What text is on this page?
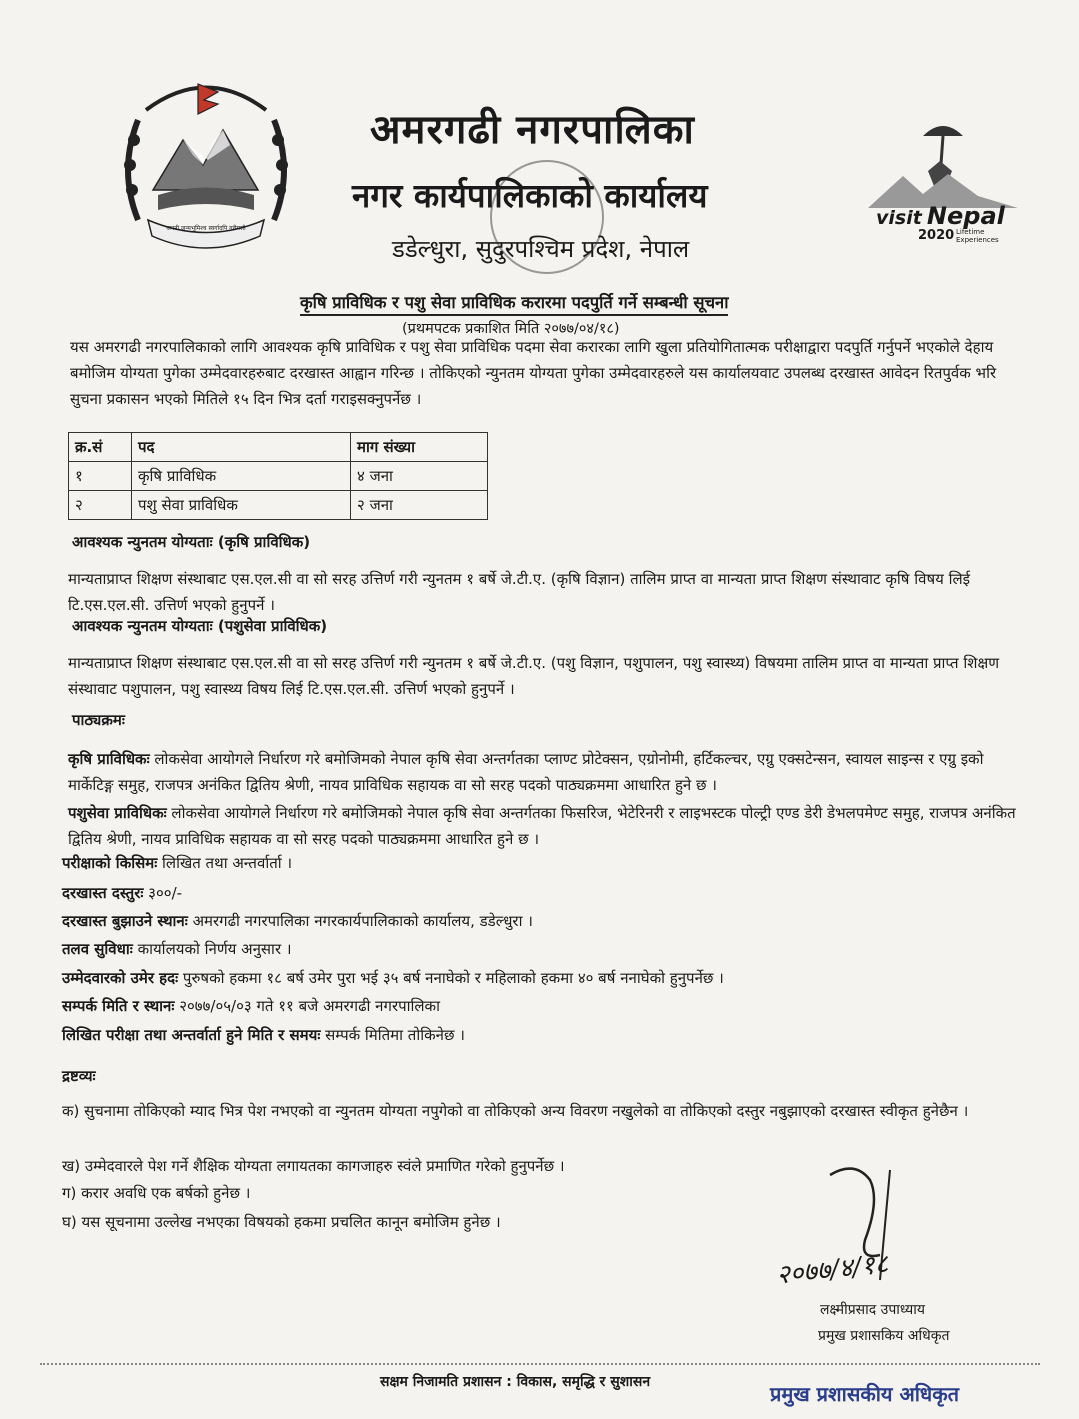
जननी जन्मभूमिश्च स्वर्गादपि गरीयसी
अमरगढी नगरपालिका
नगर कार्यपालिकाको कार्यालय
डडेल्धुरा, सुदुरपश्चिम प्रदेश, नेपाल
visit Nepal
2020 Lifetime Experiences
कृषि प्राविधिक र पशु सेवा प्राविधिक करारमा पदपुर्ति गर्ने सम्बन्धी सूचना
(प्रथमपटक प्रकाशित मिति २०७७/०४/१८)
यस अमरगढी नगरपालिकाको लागि आवश्यक कृषि प्राविधिक र पशु सेवा प्राविधिक पदमा सेवा करारका लागि खुला प्रतियोगितात्मक परीक्षाद्वारा पदपुर्ति गर्नुपर्ने भएकोले देहाय बमोजिम योग्यता पुगेका उम्मेदवारहरुबाट दरखास्त आह्वान गरिन्छ । तोकिएको न्युनतम योग्यता पुगेका उम्मेदवारहरुले यस कार्यालयवाट उपलब्ध दरखास्त आवेदन रितपुर्वक भरि सुचना प्रकासन भएको मितिले १५ दिन भित्र दर्ता गराइसक्नुपर्नेछ ।
क्र.सं	पद	माग संख्या
१	कृषि प्राविधिक	४ जना
२	पशु सेवा प्राविधिक	२ जना
आवश्यक न्युनतम योग्यताः (कृषि प्राविधिक)
मान्यताप्राप्त शिक्षण संस्थाबाट एस.एल.सी वा सो सरह उत्तिर्ण गरी न्युनतम १ बर्षे जे.टी.ए. (कृषि विज्ञान) तालिम प्राप्त वा मान्यता प्राप्त शिक्षण संस्थावाट कृषि विषय लिई टि.एस.एल.सी. उत्तिर्ण भएको हुनुपर्ने ।
आवश्यक न्युनतम योग्यताः (पशुसेवा प्राविधिक)
मान्यताप्राप्त शिक्षण संस्थाबाट एस.एल.सी वा सो सरह उत्तिर्ण गरी न्युनतम १ बर्षे जे.टी.ए. (पशु विज्ञान, पशुपालन, पशु स्वास्थ्य) विषयमा तालिम प्राप्त वा मान्यता प्राप्त शिक्षण संस्थावाट पशुपालन, पशु स्वास्थ्य विषय लिई टि.एस.एल.सी. उत्तिर्ण भएको हुनुपर्ने ।
पाठ्यक्रमः
कृषि प्राविधिकः लोकसेवा आयोगले निर्धारण गरे बमोजिमको नेपाल कृषि सेवा अन्तर्गतका प्लाण्ट प्रोटेक्सन, एग्रोनोमी, हर्टिकल्चर, एग्रु एक्सटेन्सन, स्वायल साइन्स र एग्रु इको मार्केटिङ्ग समुह, राजपत्र अनंकित द्वितिय श्रेणी, नायव प्राविधिक सहायक वा सो सरह पदको पाठ्यक्रममा आधारित हुने छ ।
पशुसेवा प्राविधिकः लोकसेवा आयोगले निर्धारण गरे बमोजिमको नेपाल कृषि सेवा अन्तर्गतका फिसरिज, भेटेरिनरी र लाइभस्टक पोल्ट्री एण्ड डेरी डेभलपमेण्ट समुह, राजपत्र अनंकित द्वितिय श्रेणी, नायव प्राविधिक सहायक वा सो सरह पदको पाठ्यक्रममा आधारित हुने छ ।
परीक्षाको किसिमः लिखित तथा अन्तर्वार्ता ।
दरखास्त दस्तुरः ३००/-
दरखास्त बुझाउने स्थानः अमरगढी नगरपालिका नगरकार्यपालिकाको कार्यालय, डडेल्धुरा ।
तलव सुविधाः कार्यालयको निर्णय अनुसार ।
उम्मेदवारको उमेर हदः पुरुषको हकमा १८ बर्ष उमेर पुरा भई ३५ बर्ष ननाघेको र महिलाको हकमा ४० बर्ष ननाघेको हुनुपर्नेछ ।
सम्पर्क मिति र स्थानः २०७७/०५/०३ गते ११ बजे अमरगढी नगरपालिका
लिखित परीक्षा तथा अन्तर्वार्ता हुने मिति र समयः सम्पर्क मितिमा तोकिनेछ ।
द्रष्टव्यः
क) सुचनामा तोकिएको म्याद भित्र पेश नभएको वा न्युनतम योग्यता नपुगेको वा तोकिएको अन्य विवरण नखुलेको वा तोकिएको दस्तुर नबुझाएको दरखास्त स्वीकृत हुनेछैन ।
ख) उम्मेदवारले पेश गर्ने शैक्षिक योग्यता लगायतका कागजाहरु स्वंले प्रमाणित गरेको हुनुपर्नेछ ।
ग) करार अवधि एक बर्षको हुनेछ ।
घ) यस सूचनामा उल्लेख नभएका विषयको हकमा प्रचलित कानून बमोजिम हुनेछ ।
२०७७/४/१८
लक्ष्मीप्रसाद उपाध्याय
प्रमुख प्रशासकिय अधिकृत
सक्षम निजामति प्रशासन : विकास, समृद्धि र सुशासन	प्रमुख प्रशासकीय अधिकृत
